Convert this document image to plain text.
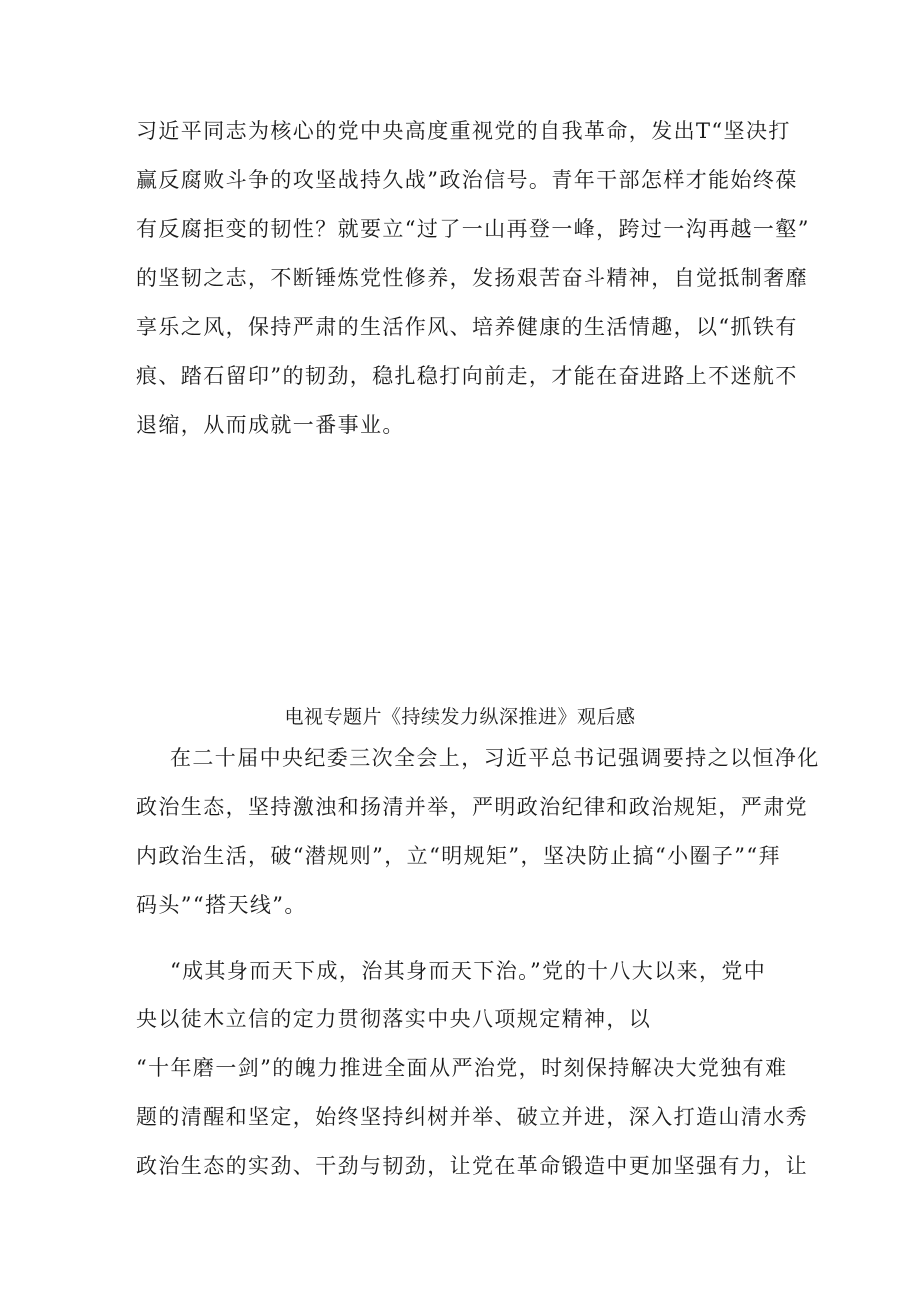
习近平同志为核心的党中央高度重视党的自我革命，发出T“坚决打
赢反腐败斗争的攻坚战持久战”政治信号。青年干部怎样才能始终葆
有反腐拒变的韧性？就要立“过了一山再登一峰，跨过一沟再越一壑”
的坚韧之志，不断锤炼党性修养，发扬艰苦奋斗精神，自觉抵制奢靡
享乐之风，保持严肃的生活作风、培养健康的生活情趣，以“抓铁有
痕、踏石留印”的韧劲，稳扎稳打向前走，才能在奋进路上不迷航不
退缩，从而成就一番事业。
电视专题片《持续发力纵深推进》观后感
在二十届中央纪委三次全会上，习近平总书记强调要持之以恒净化
政治生态，坚持激浊和扬清并举，严明政治纪律和政治规矩，严肃党
内政治生活，破“潜规则”，立“明规矩”，坚决防止搞“小圈子”“拜
码头”“搭天线”。
“成其身而天下成，治其身而天下治。”党的十八大以来，党中
央以徒木立信的定力贯彻落实中央八项规定精神，以
“十年磨一剑”的魄力推进全面从严治党，时刻保持解决大党独有难
题的清醒和坚定，始终坚持纠树并举、破立并进，深入打造山清水秀
政治生态的实劲、干劲与韧劲，让党在革命锻造中更加坚强有力，让
